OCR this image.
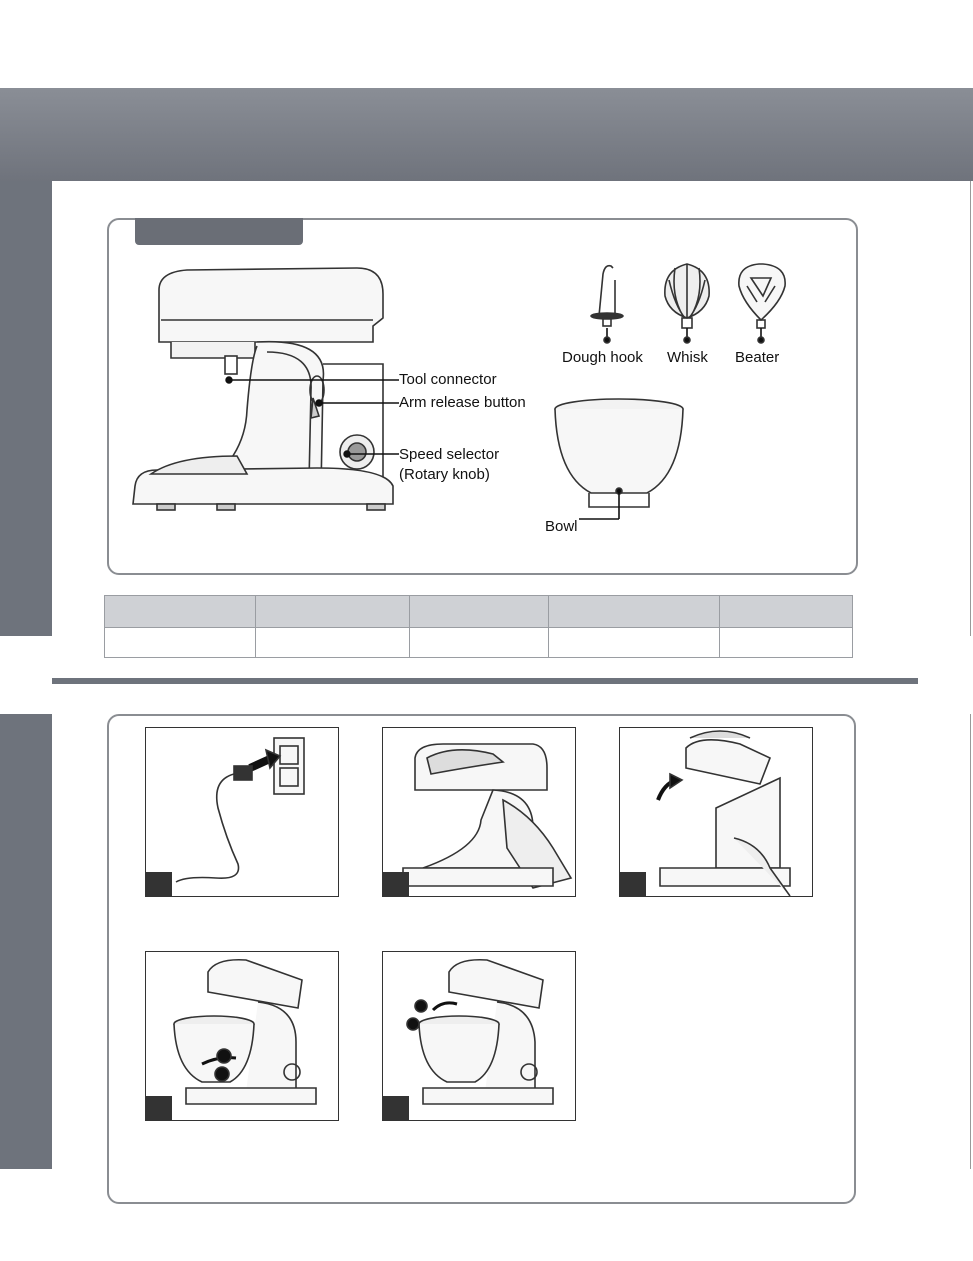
Tool connector
Arm release button
Speed selector
(Rotary knob)
Dough hook Whisk Beater
Bowl
